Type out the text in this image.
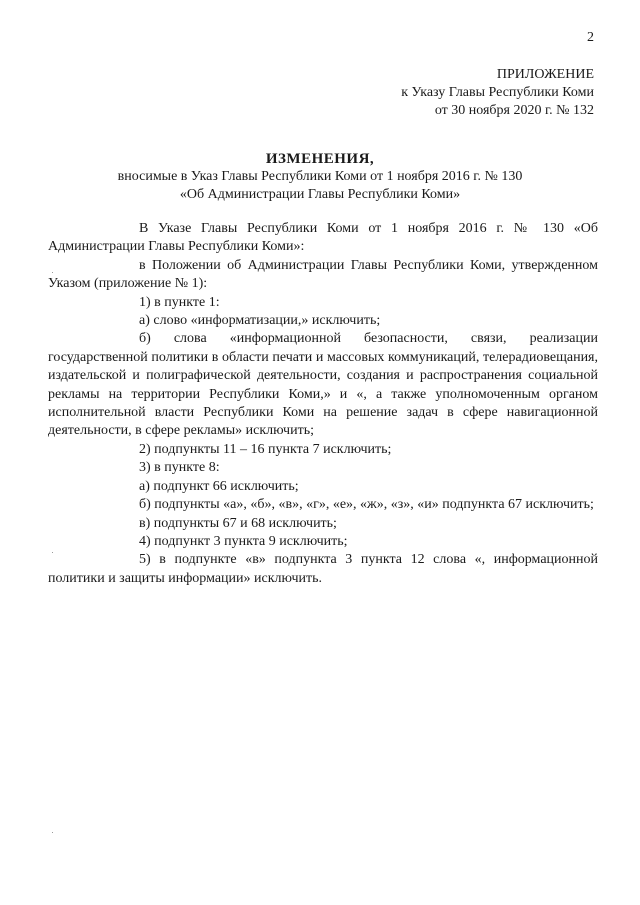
2
ПРИЛОЖЕНИЕ
к Указу Главы Республики Коми
от 30 ноября 2020 г. № 132
ИЗМЕНЕНИЯ,
вносимые в Указ Главы Республики Коми от 1 ноября 2016 г. № 130
«Об Администрации Главы Республики Коми»

В Указе Главы Республики Коми от 1 ноября 2016 г. № 130 «Об Администрации Главы Республики Коми»:

в Положении об Администрации Главы Республики Коми, утвержденном Указом (приложение № 1):

1) в пункте 1:

а) слово «информатизации,» исключить;

б) слова «информационной безопасности, связи, реализации государственной политики в области печати и массовых коммуникаций, телерадиовещания, издательской и полиграфической деятельности, создания и распространения социальной рекламы на территории Республики Коми,» и «, а также уполномоченным органом исполнительной власти Республики Коми на решение задач в сфере навигационной деятельности, в сфере рекламы» исключить;

2) подпункты 11 – 16 пункта 7 исключить;

3) в пункте 8:

а) подпункт 66 исключить;

б) подпункты «а», «б», «в», «г», «е», «ж», «з», «и» подпункта 67 исключить;

в) подпункты 67 и 68 исключить;

4) подпункт 3 пункта 9 исключить;

5) в подпункте «в» подпункта 3 пункта 12 слова «, информационной политики и защиты информации» исключить.
